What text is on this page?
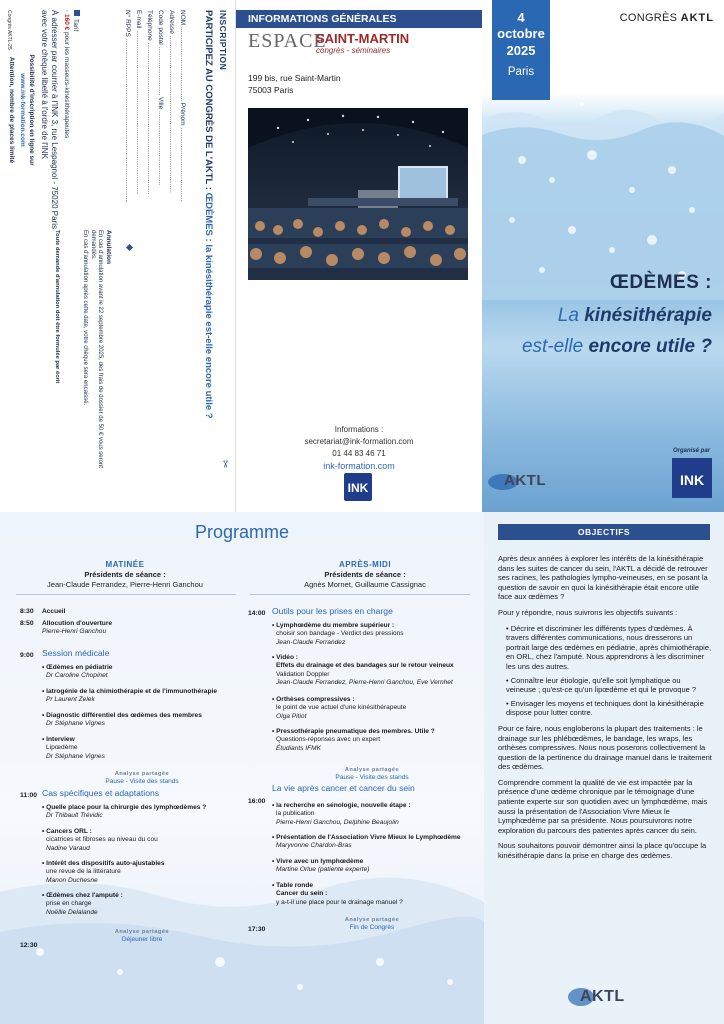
INSCRIPTION
PARTICIPEZ AU CONGRÈS DE L'AKTL : ŒDÈMES : la kinésithérapie est-elle encore utile ?
✂
NOM ......................................... Prénom .........................................
Adresse .......................................................................................
Code postal ........................... Ville .........................................
Téléphone ....................................................................................
E-mail ...........................................................................................
N° RPPS ...........................................................................................
Annulation
En cas d'annulation avant le 22 septembre 2025, des frais de dossier de 50 € vous seront demandés.
En cas d'annulation après cette date, votre chèque sera encaissé.
Toute demande d'annulation doit être formulée par écrit
Tarif
· 160 € pour les masseurs-kinésithérapeutes
À adresser par courrier à l'INK 3, rue Lespagnol - 75020 Paris avec votre chèque libellé à l'ordre de l'INK
Possibilité d'inscription en ligne sur
www.ink-formation.com
Attention, nombre de places limité
Congrès AKTL-25	INFORMATIONS GÉNÉRALES
ESPACE
SAINT-MARTIN
congrès - séminaires
199 bis, rue Saint-Martin
75003 Paris
Informations :
secretariat@ink-formation.com
01 44 83 46 71
ink-formation.com
INK
4
octobre
2025
Paris
CONGRÈS AKTL
ŒDÈMES :
La kinésithérapie
est-elle encore utile ?
Organisé par
AKTL	INK
Programme
MATINÉE
Présidents de séance :
Jean-Claude Ferrandez, Pierre-Henri Ganchou
APRÈS-MIDI
Présidents de séance :
Agnès Mornet, Guillaume Cassignac
8:30 Accueil
8:50 Allocution d'ouverture
Pierre-Henri Ganchou
9:00 Session médicale
• Œdèmes en pédiatrie
Dr Caroline Chopinet
• Iatrogénie de la chimiothérapie et de l'immunothérapie
Pr Laurent Zelek
• Diagnostic différentiel des œdèmes des membres
Dr Stéphane Vignes
• Interview
Lipœdème
Dr Stéphane Vignes
Analyse partagée
Pause - Visite des stands
11:00 Cas spécifiques et adaptations
• Quelle place pour la chirurgie des lymphœdèmes ?
Dr Thibault Trévidic
• Cancers ORL :
cicatrices et fibroses au niveau du cou
Nadine Varaud
• Intérêt des dispositifs auto-ajustables
une revue de la littérature
Manon Duchesne
• Œdèmes chez l'amputé :
prise en charge
Noëllie Delalande
Analyse partagée
Déjeuner libre
12:30
14:00 Outils pour les prises en charge
• Lymphœdème du membre supérieur :
choisir son bandage - Verdict des pressions
Jean-Claude Ferrandez
• Vidéo :
Effets du drainage et des bandages sur le retour veineux
Validation Doppler
Jean-Claude Ferrandez, Pierre-Henri Ganchou, Eve Vernhet
• Orthèses compressives :
le point de vue actuel d'une kinésithérapeute
Olga Pitiot
• Pressothérapie pneumatique des membres. Utile ?
Questions-réponses avec un expert
Étudiants IFMK
Analyse partagée
Pause - Visite des stands
La vie après cancer et cancer du sein
16:00
• la recherche en sénologie, nouvelle étape :
la publication
Pierre-Henri Ganchou, Delphine Beaujolin
• Présentation de l'Association Vivre Mieux le Lymphœdème
Maryvonne Chardon-Bras
• Vivre avec un lymphœdème
Martine Orlue (patiente experte)
• Table ronde
Cancer du sein :
y a-t-il une place pour le drainage manuel ?
Analyse partagée
Fin de Congrès
17:30
OBJECTIFS

Après deux années à explorer les intérêts de la kinésithérapie dans les suites de cancer du sein, l'AKTL a décidé de retrouver ses racines, les pathologies lympho-veineuses, en se posant la question de savoir en quoi la kinésithérapie était encore utile face aux œdèmes ?

Pour y répondre, nous suivrons les objectifs suivants :

• Décrire et discriminer les différents types d'œdèmes. À travers différentes communications, nous dresserons un portrait large des œdèmes en pédiatrie, après chimiothérapie, en ORL, chez l'amputé. Nous apprendrons à les discriminer les uns des autres.
• Connaître leur étiologie, qu'elle soit lymphatique ou veineuse ; qu'est-ce qu'un lipœdème et qui le provoque ?
• Envisager les moyens et techniques dont la kinésithérapie dispose pour lutter contre.

Pour ce faire, nous engloberons la plupart des traitements : le drainage sur les phlébœdèmes, le bandage, les wraps, les orthèses compressives. Nous nous poserons collectivement la question de la pertinence du drainage manuel dans le traitement des œdèmes.

Comprendre comment la qualité de vie est impactée par la présence d'une œdème chronique par le témoignage d'une patiente experte sur son quotidien avec un lymphœdème, mais aussi la présentation de l'Association Vivre Mieux le Lymphœdème par sa présidente. Nous poursuivrons notre exploration du parcours des patientes après cancer du sein.

Nous souhaitons pouvoir démontrer ainsi la place qu'occupe la kinésithérapie dans la prise en charge des œdèmes.

AKTL
